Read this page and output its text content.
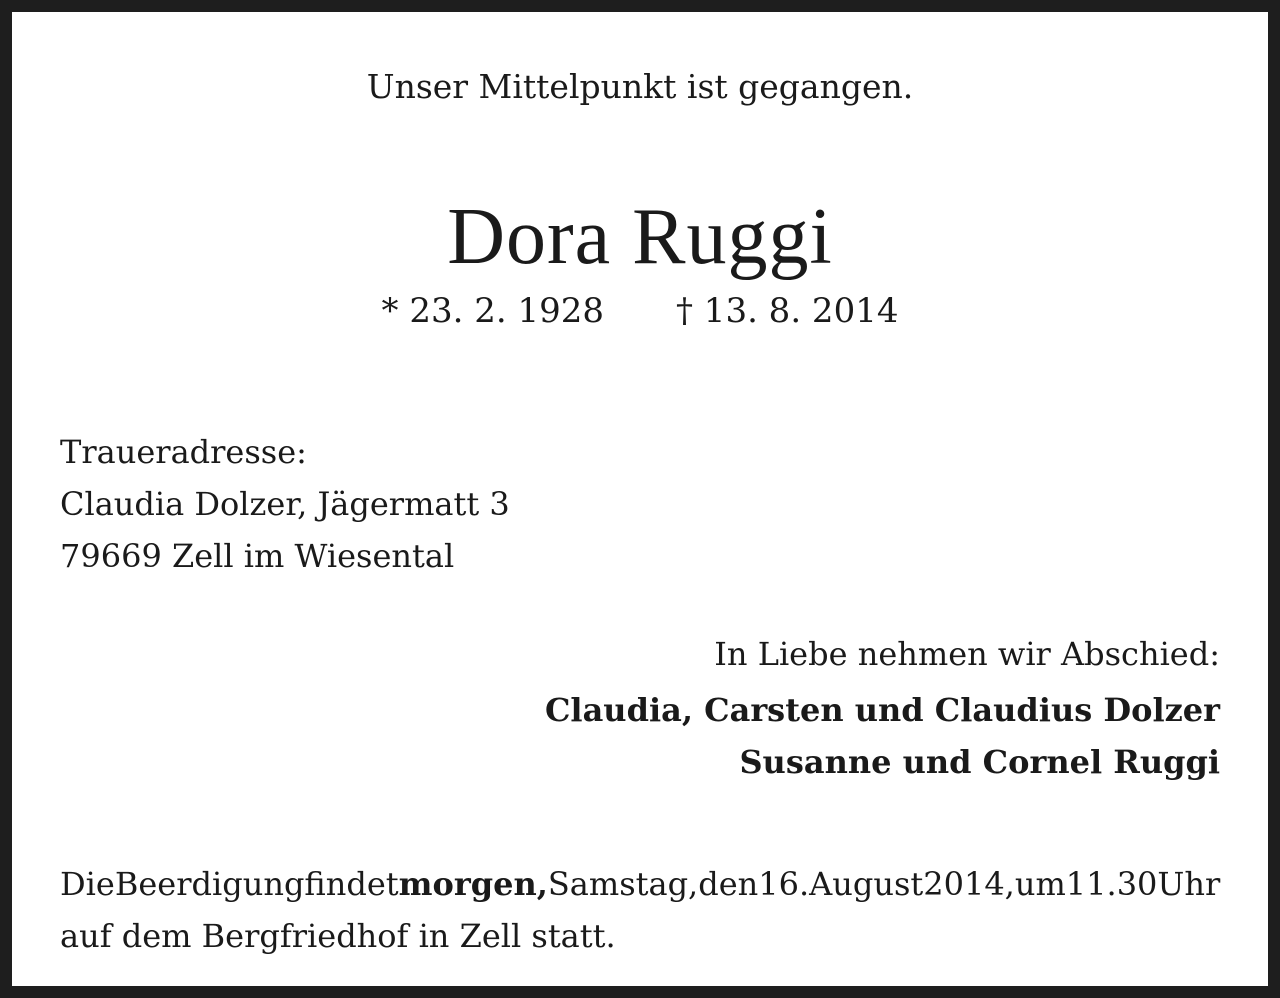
Unser Mittelpunkt ist gegangen.
Dora Ruggi
* 23. 2. 1928 † 13. 8. 2014
Traueradresse:
Claudia Dolzer, Jägermatt 3
79669 Zell im Wiesental
In Liebe nehmen wir Abschied:
Claudia, Carsten und Claudius Dolzer
Susanne und Cornel Ruggi
Die Beerdigung findet morgen, Samstag, den 16. August 2014, um 11.30 Uhr
auf dem Bergfriedhof in Zell statt.
